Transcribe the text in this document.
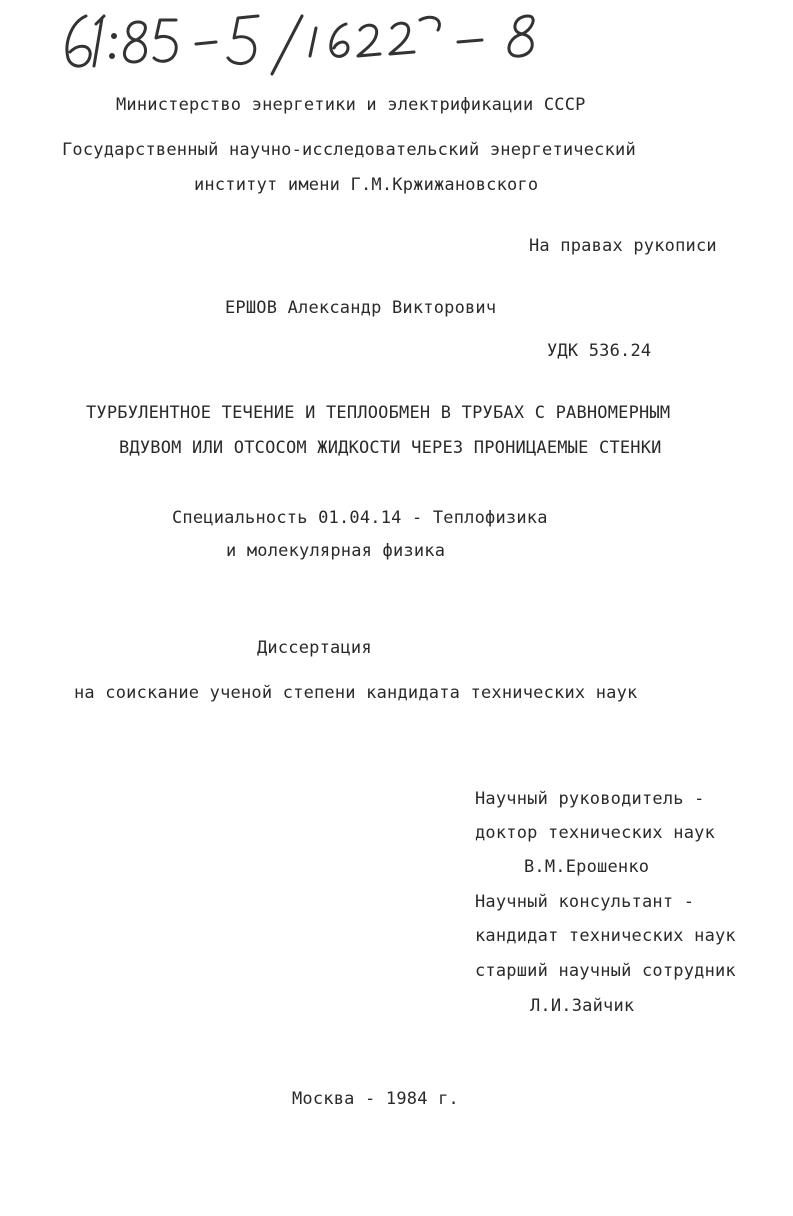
Министерство энергетики и электрификации СССР
Государственный научно-исследовательский энергетический
институт имени Г.М.Кржижановского
На правах рукописи
ЕРШОВ Александр Викторович
УДК 536.24
ТУРБУЛЕНТНОЕ ТЕЧЕНИЕ И ТЕПЛООБМЕН В ТРУБАХ С РАВНОМЕРНЫМ
ВДУВОМ ИЛИ ОТСОСОМ ЖИДКОСТИ ЧЕРЕЗ ПРОНИЦАЕМЫЕ СТЕНКИ
Специальность 01.04.14 - Теплофизика
и молекулярная физика
Диссертация
на соискание ученой степени кандидата технических наук
Научный руководитель -
доктор технических наук
В.М.Ерошенко
Научный консультант -
кандидат технических наук
старший научный сотрудник
Л.И.Зайчик
Москва - 1984 г.
